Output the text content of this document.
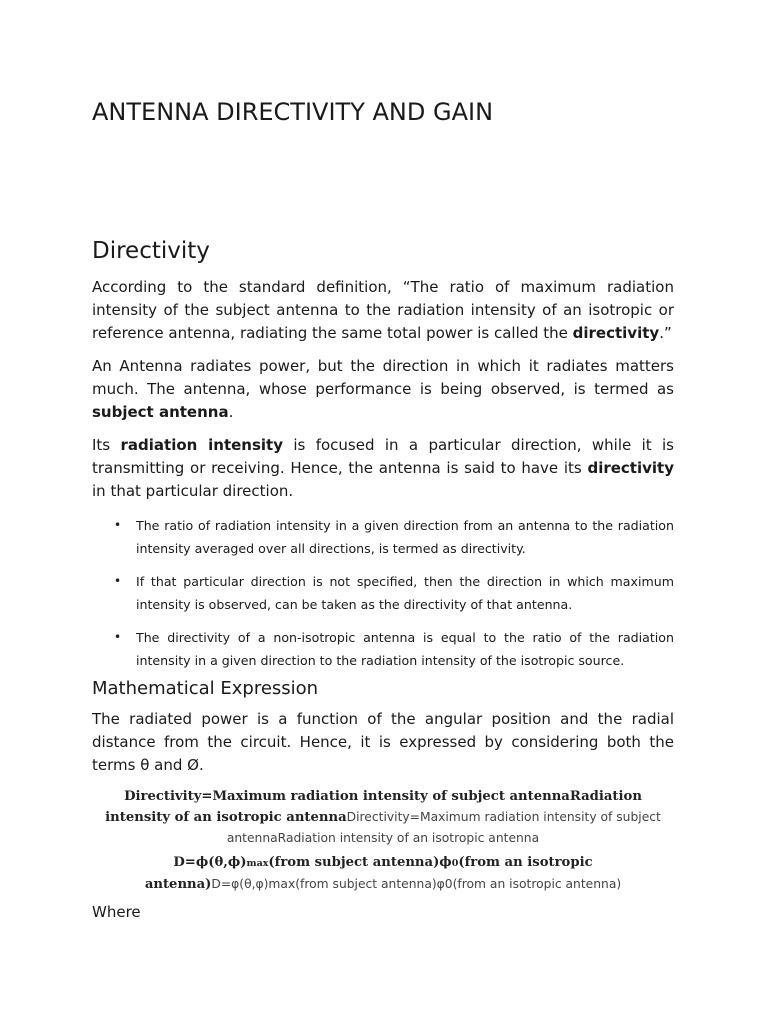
ANTENNA DIRECTIVITY AND GAIN
Directivity

According to the standard definition, “The ratio of maximum radiation intensity of the subject antenna to the radiation intensity of an isotropic or reference antenna, radiating the same total power is called the directivity.”

An Antenna radiates power, but the direction in which it radiates matters much. The antenna, whose performance is being observed, is termed as subject antenna.

Its radiation intensity is focused in a particular direction, while it is transmitting or receiving. Hence, the antenna is said to have its directivity in that particular direction.

• The ratio of radiation intensity in a given direction from an antenna to the radiation intensity averaged over all directions, is termed as directivity.
• If that particular direction is not specified, then the direction in which maximum intensity is observed, can be taken as the directivity of that antenna.
• The directivity of a non-isotropic antenna is equal to the ratio of the radiation intensity in a given direction to the radiation intensity of the isotropic source.
Mathematical Expression

The radiated power is a function of the angular position and the radial distance from the circuit. Hence, it is expressed by considering both the terms θ and Ø.

Directivity=Maximum radiation intensity of subject antennaRadiation intensity of an isotropic antennaDirectivity=Maximum radiation intensity of subject antennaRadiation intensity of an isotropic antenna

D=ϕ(θ,ϕ)max(from subject antenna)ϕ0(from an isotropic antenna)D=φ(θ,φ)max(from subject antenna)φ0(from an isotropic antenna)

Where
